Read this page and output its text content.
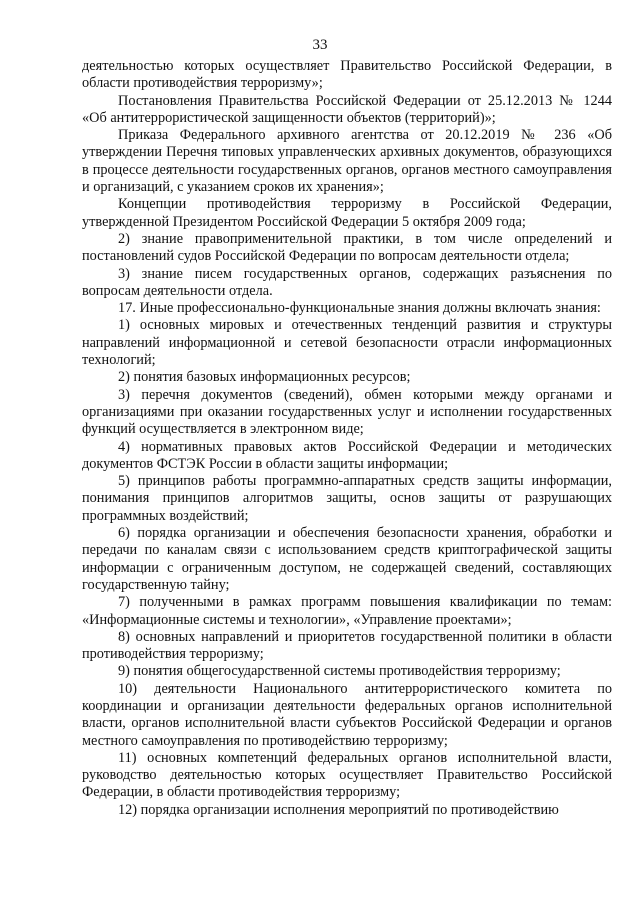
33

деятельностью которых осуществляет Правительство Российской Федерации, в области противодействия терроризму»;

Постановления Правительства Российской Федерации от 25.12.2013 № 1244 «Об антитеррористической защищенности объектов (территорий)»;

Приказа Федерального архивного агентства от 20.12.2019 № 236 «Об утверждении Перечня типовых управленческих архивных документов, образующихся в процессе деятельности государственных органов, органов местного самоуправления и организаций, с указанием сроков их хранения»;

Концепции противодействия терроризму в Российской Федерации, утвержденной Президентом Российской Федерации 5 октября 2009 года;

2) знание правоприменительной практики, в том числе определений и постановлений судов Российской Федерации по вопросам деятельности отдела;

3) знание писем государственных органов, содержащих разъяснения по вопросам деятельности отдела.

17. Иные профессионально-функциональные знания должны включать знания:

1) основных мировых и отечественных тенденций развития и структуры направлений информационной и сетевой безопасности отрасли информационных технологий;

2) понятия базовых информационных ресурсов;

3) перечня документов (сведений), обмен которыми между органами и организациями при оказании государственных услуг и исполнении государственных функций осуществляется в электронном виде;

4) нормативных правовых актов Российской Федерации и методических документов ФСТЭК России в области защиты информации;

5) принципов работы программно-аппаратных средств защиты информации, понимания принципов алгоритмов защиты, основ защиты от разрушающих программных воздействий;

6) порядка организации и обеспечения безопасности хранения, обработки и передачи по каналам связи с использованием средств криптографической защиты информации с ограниченным доступом, не содержащей сведений, составляющих государственную тайну;

7) полученными в рамках программ повышения квалификации по темам: «Информационные системы и технологии», «Управление проектами»;

8) основных направлений и приоритетов государственной политики в области противодействия терроризму;

9) понятия общегосударственной системы противодействия терроризму;

10) деятельности Национального антитеррористического комитета по координации и организации деятельности федеральных органов исполнительной власти, органов исполнительной власти субъектов Российской Федерации и органов местного самоуправления по противодействию терроризму;

11) основных компетенций федеральных органов исполнительной власти, руководство деятельностью которых осуществляет Правительство Российской Федерации, в области противодействия терроризму;

12) порядка организации исполнения мероприятий по противодействию
